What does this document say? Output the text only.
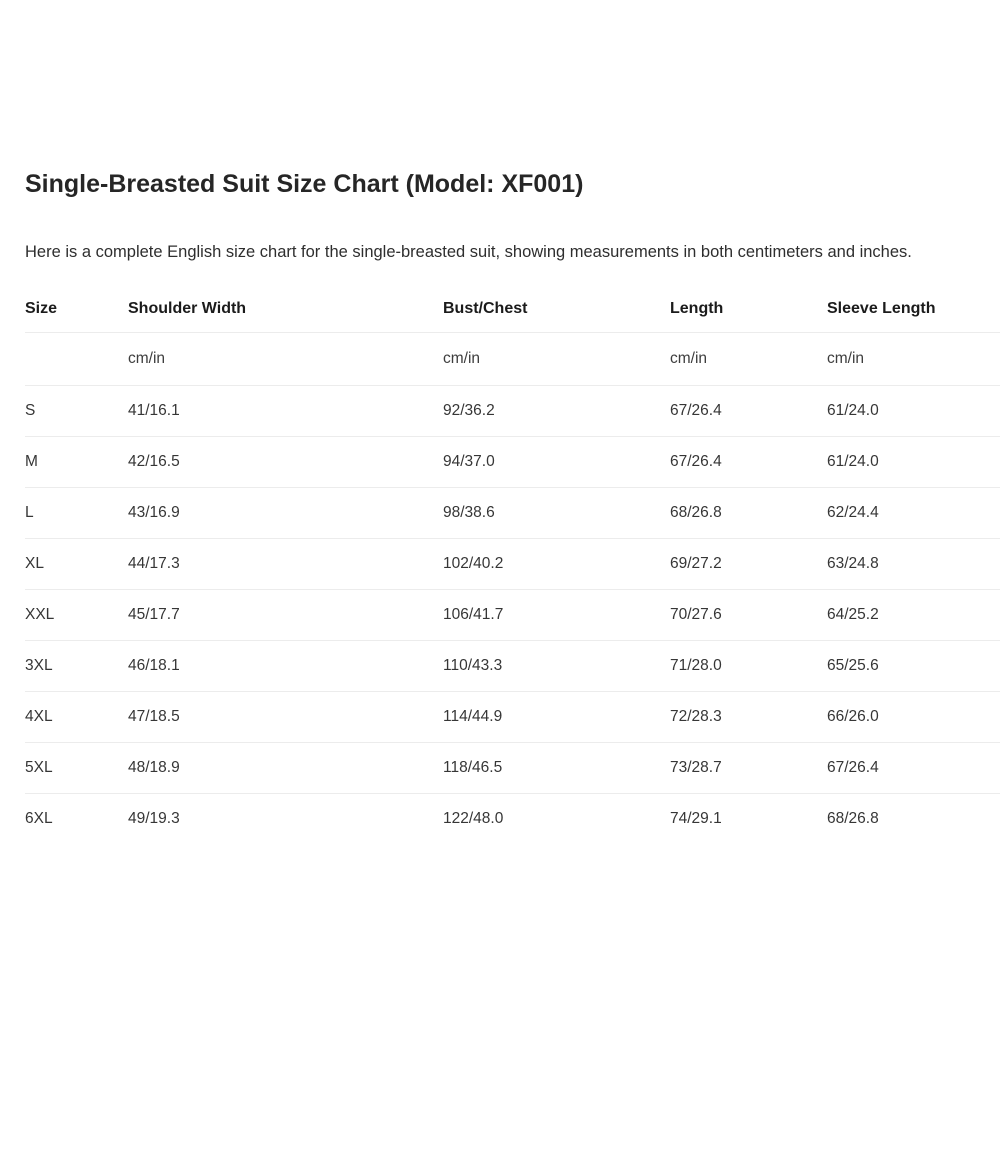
Single-Breasted Suit Size Chart (Model: XF001)

Here is a complete English size chart for the single-breasted suit, showing measurements in both centimeters and inches.

Size	Shoulder Width	Bust/Chest	Length	Sleeve Length
	cm/in	cm/in	cm/in	cm/in
S	41/16.1	92/36.2	67/26.4	61/24.0
M	42/16.5	94/37.0	67/26.4	61/24.0
L	43/16.9	98/38.6	68/26.8	62/24.4
XL	44/17.3	102/40.2	69/27.2	63/24.8
XXL	45/17.7	106/41.7	70/27.6	64/25.2
3XL	46/18.1	110/43.3	71/28.0	65/25.6
4XL	47/18.5	114/44.9	72/28.3	66/26.0
5XL	48/18.9	118/46.5	73/28.7	67/26.4
6XL	49/19.3	122/48.0	74/29.1	68/26.8
